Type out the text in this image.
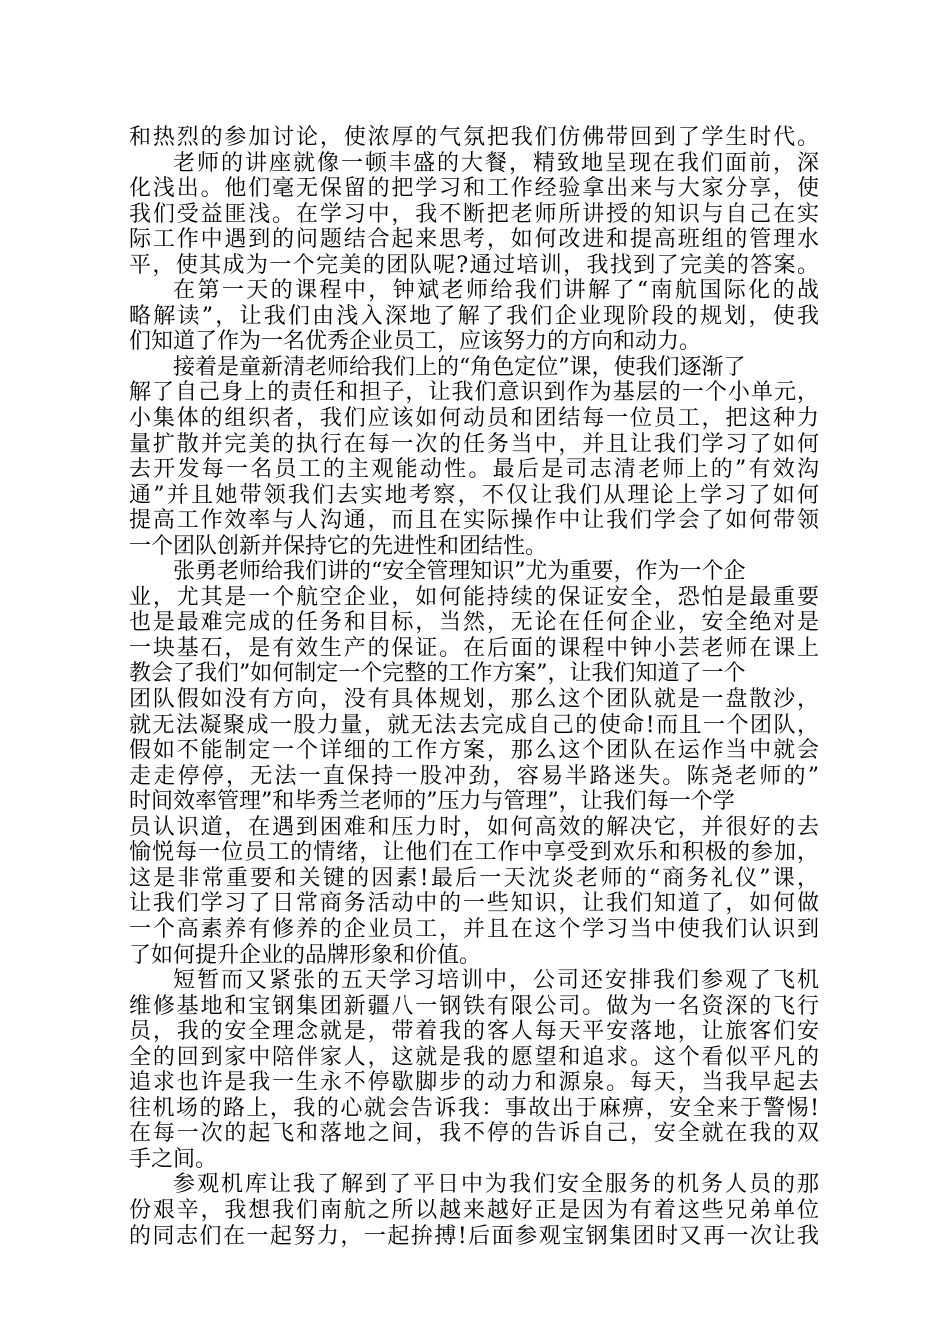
和热烈的参加讨论，使浓厚的气氛把我们仿佛带回到了学生时代。
老师的讲座就像一顿丰盛的大餐，精致地呈现在我们面前，深
化浅出。他们毫无保留的把学习和工作经验拿出来与大家分享，使
我们受益匪浅。在学习中，我不断把老师所讲授的知识与自己在实
际工作中遇到的问题结合起来思考，如何改进和提高班组的管理水
平，使其成为一个完美的团队呢?通过培训，我找到了完美的答案。
在第一天的课程中，钟斌老师给我们讲解了“南航国际化的战
略解读”，让我们由浅入深地了解了我们企业现阶段的规划，使我
们知道了作为一名优秀企业员工，应该努力的方向和动力。
接着是童新清老师给我们上的“角色定位”课，使我们逐渐了
解了自己身上的责任和担子，让我们意识到作为基层的一个小单元，
小集体的组织者，我们应该如何动员和团结每一位员工，把这种力
量扩散并完美的执行在每一次的任务当中，并且让我们学习了如何
去开发每一名员工的主观能动性。最后是司志清老师上的”有效沟
通”并且她带领我们去实地考察，不仅让我们从理论上学习了如何
提高工作效率与人沟通，而且在实际操作中让我们学会了如何带领
一个团队创新并保持它的先进性和团结性。
张勇老师给我们讲的“安全管理知识”尤为重要，作为一个企
业，尤其是一个航空企业，如何能持续的保证安全，恐怕是最重要
也是最难完成的任务和目标，当然，无论在任何企业，安全绝对是
一块基石，是有效生产的保证。在后面的课程中钟小芸老师在课上
教会了我们”如何制定一个完整的工作方案”，让我们知道了一个
团队假如没有方向，没有具体规划，那么这个团队就是一盘散沙，
就无法凝聚成一股力量，就无法去完成自己的使命!而且一个团队，
假如不能制定一个详细的工作方案，那么这个团队在运作当中就会
走走停停，无法一直保持一股冲劲，容易半路迷失。陈尧老师的”
时间效率管理”和毕秀兰老师的”压力与管理”，让我们每一个学
员认识道，在遇到困难和压力时，如何高效的解决它，并很好的去
愉悦每一位员工的情绪，让他们在工作中享受到欢乐和积极的参加，
这是非常重要和关键的因素!最后一天沈炎老师的“商务礼仪”课，
让我们学习了日常商务活动中的一些知识，让我们知道了，如何做
一个高素养有修养的企业员工，并且在这个学习当中使我们认识到
了如何提升企业的品牌形象和价值。
短暂而又紧张的五天学习培训中，公司还安排我们参观了飞机
维修基地和宝钢集团新疆八一钢铁有限公司。做为一名资深的飞行
员，我的安全理念就是，带着我的客人每天平安落地，让旅客们安
全的回到家中陪伴家人，这就是我的愿望和追求。这个看似平凡的
追求也许是我一生永不停歇脚步的动力和源泉。每天，当我早起去
往机场的路上，我的心就会告诉我：事故出于麻痹，安全来于警惕!
在每一次的起飞和落地之间，我不停的告诉自己，安全就在我的双
手之间。
参观机库让我了解到了平日中为我们安全服务的机务人员的那
份艰辛，我想我们南航之所以越来越好正是因为有着这些兄弟单位
的同志们在一起努力，一起拚搏!后面参观宝钢集团时又再一次让我
